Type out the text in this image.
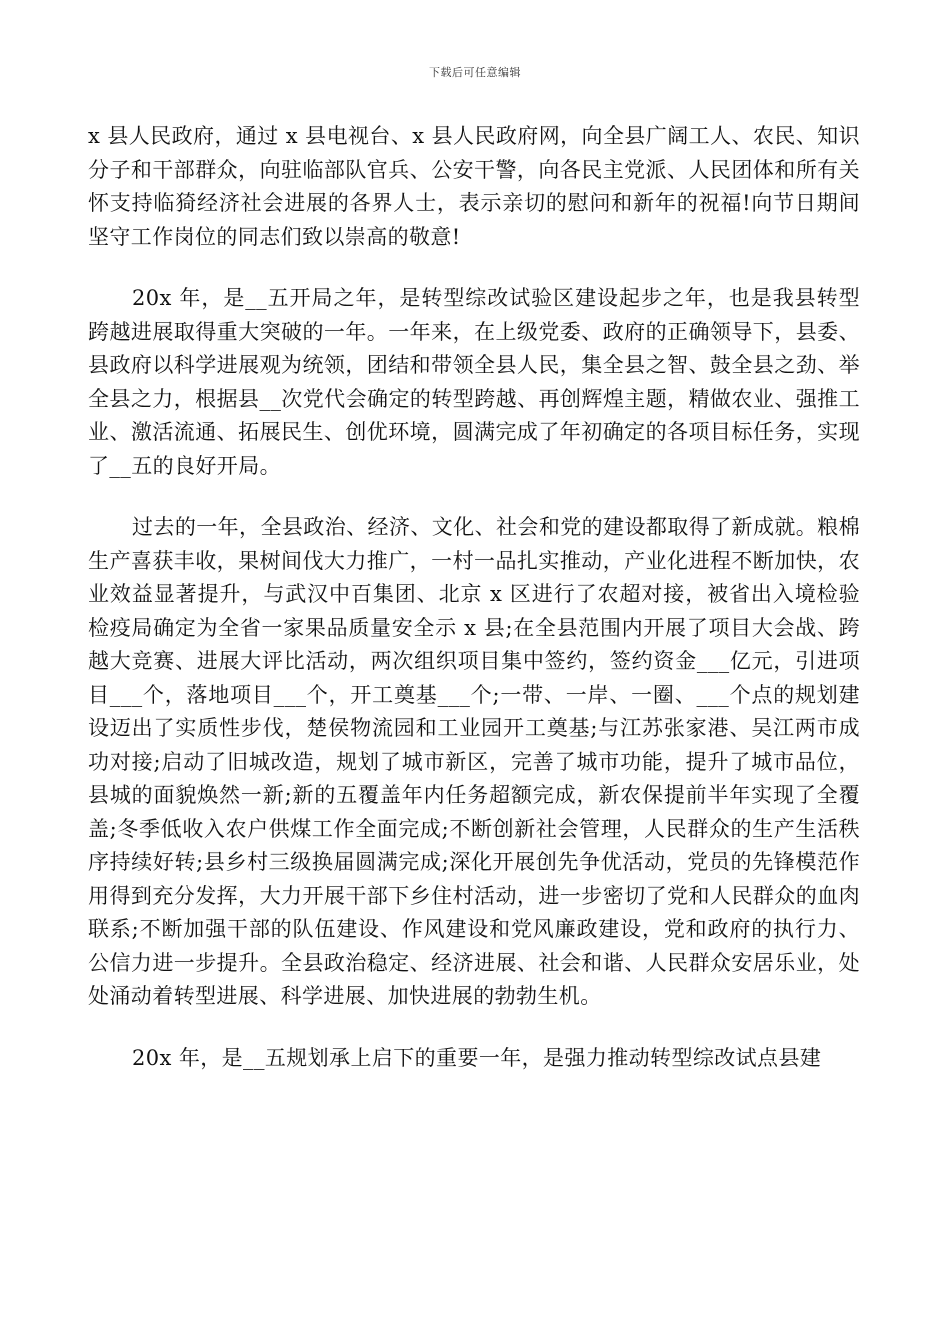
下载后可任意编辑

x 县人民政府，通过 x 县电视台、x 县人民政府网，向全县广阔工人、农民、知识分子和干部群众，向驻临部队官兵、公安干警，向各民主党派、人民团体和所有关怀支持临猗经济社会进展的各界人士，表示亲切的慰问和新年的祝福!向节日期间坚守工作岗位的同志们致以崇高的敬意!

20x 年，是__五开局之年，是转型综改试验区建设起步之年，也是我县转型跨越进展取得重大突破的一年。一年来，在上级党委、政府的正确领导下，县委、县政府以科学进展观为统领，团结和带领全县人民，集全县之智、鼓全县之劲、举全县之力，根据县__次党代会确定的转型跨越、再创辉煌主题，精做农业、强推工业、激活流通、拓展民生、创优环境，圆满完成了年初确定的各项目标任务，实现了__五的良好开局。

过去的一年，全县政治、经济、文化、社会和党的建设都取得了新成就。粮棉生产喜获丰收，果树间伐大力推广，一村一品扎实推动，产业化进程不断加快，农业效益显著提升，与武汉中百集团、北京 x 区进行了农超对接，被省出入境检验检疫局确定为全省一家果品质量安全示 x 县;在全县范围内开展了项目大会战、跨越大竞赛、进展大评比活动，两次组织项目集中签约，签约资金___亿元，引进项目___个，落地项目___个，开工奠基___个;一带、一岸、一圈、___个点的规划建设迈出了实质性步伐，楚侯物流园和工业园开工奠基;与江苏张家港、吴江两市成功对接;启动了旧城改造，规划了城市新区，完善了城市功能，提升了城市品位，县城的面貌焕然一新;新的五覆盖年内任务超额完成，新农保提前半年实现了全覆盖;冬季低收入农户供煤工作全面完成;不断创新社会管理，人民群众的生产生活秩序持续好转;县乡村三级换届圆满完成;深化开展创先争优活动，党员的先锋模范作用得到充分发挥，大力开展干部下乡住村活动，进一步密切了党和人民群众的血肉联系;不断加强干部的队伍建设、作风建设和党风廉政建设，党和政府的执行力、公信力进一步提升。全县政治稳定、经济进展、社会和谐、人民群众安居乐业，处处涌动着转型进展、科学进展、加快进展的勃勃生机。

20x 年，是__五规划承上启下的重要一年，是强力推动转型综改试点县建
